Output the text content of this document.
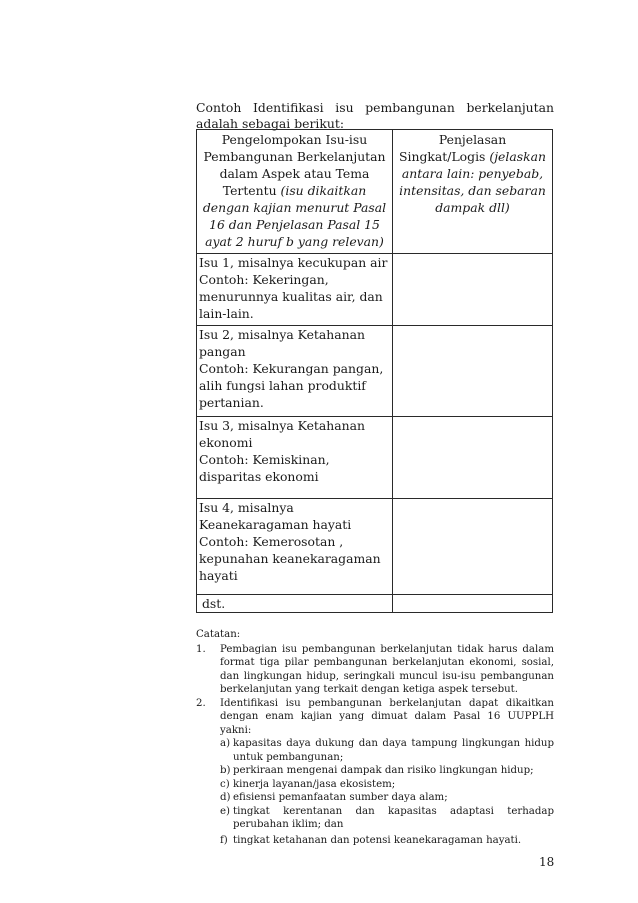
Contoh Identifikasi isu pembangunan berkelanjutan adalah sebagai berikut:
Pengelompokan Isu-isu Pembangunan Berkelanjutan dalam Aspek atau Tema Tertentu (isu dikaitkan dengan kajian menurut Pasal 16 dan Penjelasan Pasal 15 ayat 2 huruf b yang relevan)	Penjelasan Singkat/Logis (jelaskan antara lain: penyebab, intensitas, dan sebaran dampak dll)

Isu 1, misalnya kecukupan air
Contoh: Kekeringan, menurunnya kualitas air, dan lain-lain.	

Isu 2, misalnya Ketahanan pangan
Contoh: Kekurangan pangan, alih fungsi lahan produktif pertanian.	

Isu 3, misalnya Ketahanan ekonomi
Contoh: Kemiskinan, disparitas ekonomi	

Isu 4, misalnya Keanekaragaman hayati
Contoh: Kemerosotan , kepunahan keanekaragaman hayati	

dst.	
Catatan:
1.	Pembagian isu pembangunan berkelanjutan tidak harus dalam format tiga pilar pembangunan berkelanjutan ekonomi, sosial, dan lingkungan hidup, seringkali muncul isu-isu pembangunan berkelanjutan yang terkait dengan ketiga aspek tersebut.
2.	Identifikasi isu pembangunan berkelanjutan dapat dikaitkan dengan enam kajian yang dimuat dalam Pasal 16 UUPPLH yakni:
a) kapasitas daya dukung dan daya tampung lingkungan hidup untuk pembangunan;
b) perkiraan mengenai dampak dan risiko lingkungan hidup;
c) kinerja layanan/jasa ekosistem;
d) efisiensi pemanfaatan sumber daya alam;
e) tingkat kerentanan dan kapasitas adaptasi terhadap perubahan iklim; dan
f) tingkat ketahanan dan potensi keanekaragaman hayati.
18
